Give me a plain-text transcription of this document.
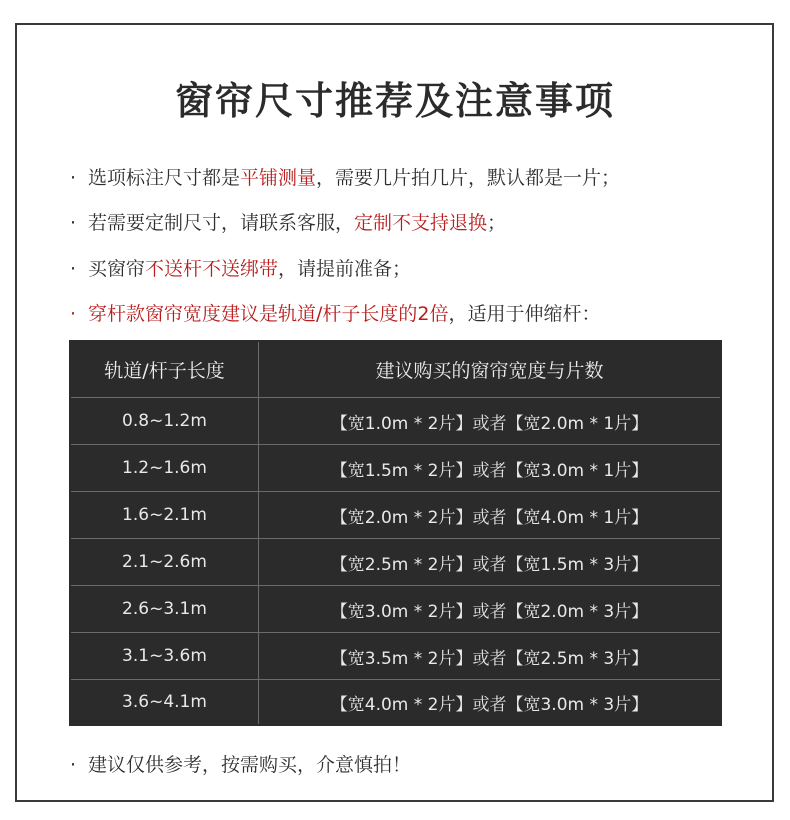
窗帘尺寸推荐及注意事项
· 选项标注尺寸都是平铺测量，需要几片拍几片，默认都是一片；
· 若需要定制尺寸，请联系客服，定制不支持退换；
· 买窗帘不送杆不送绑带，请提前准备；
· 穿杆款窗帘宽度建议是轨道/杆子长度的2倍，适用于伸缩杆：
轨道/杆子长度	建议购买的窗帘宽度与片数
0.8~1.2m	【宽1.0m * 2片】或者【宽2.0m * 1片】
1.2~1.6m	【宽1.5m * 2片】或者【宽3.0m * 1片】
1.6~2.1m	【宽2.0m * 2片】或者【宽4.0m * 1片】
2.1~2.6m	【宽2.5m * 2片】或者【宽1.5m * 3片】
2.6~3.1m	【宽3.0m * 2片】或者【宽2.0m * 3片】
3.1~3.6m	【宽3.5m * 2片】或者【宽2.5m * 3片】
3.6~4.1m	【宽4.0m * 2片】或者【宽3.0m * 3片】
· 建议仅供参考，按需购买，介意慎拍！
